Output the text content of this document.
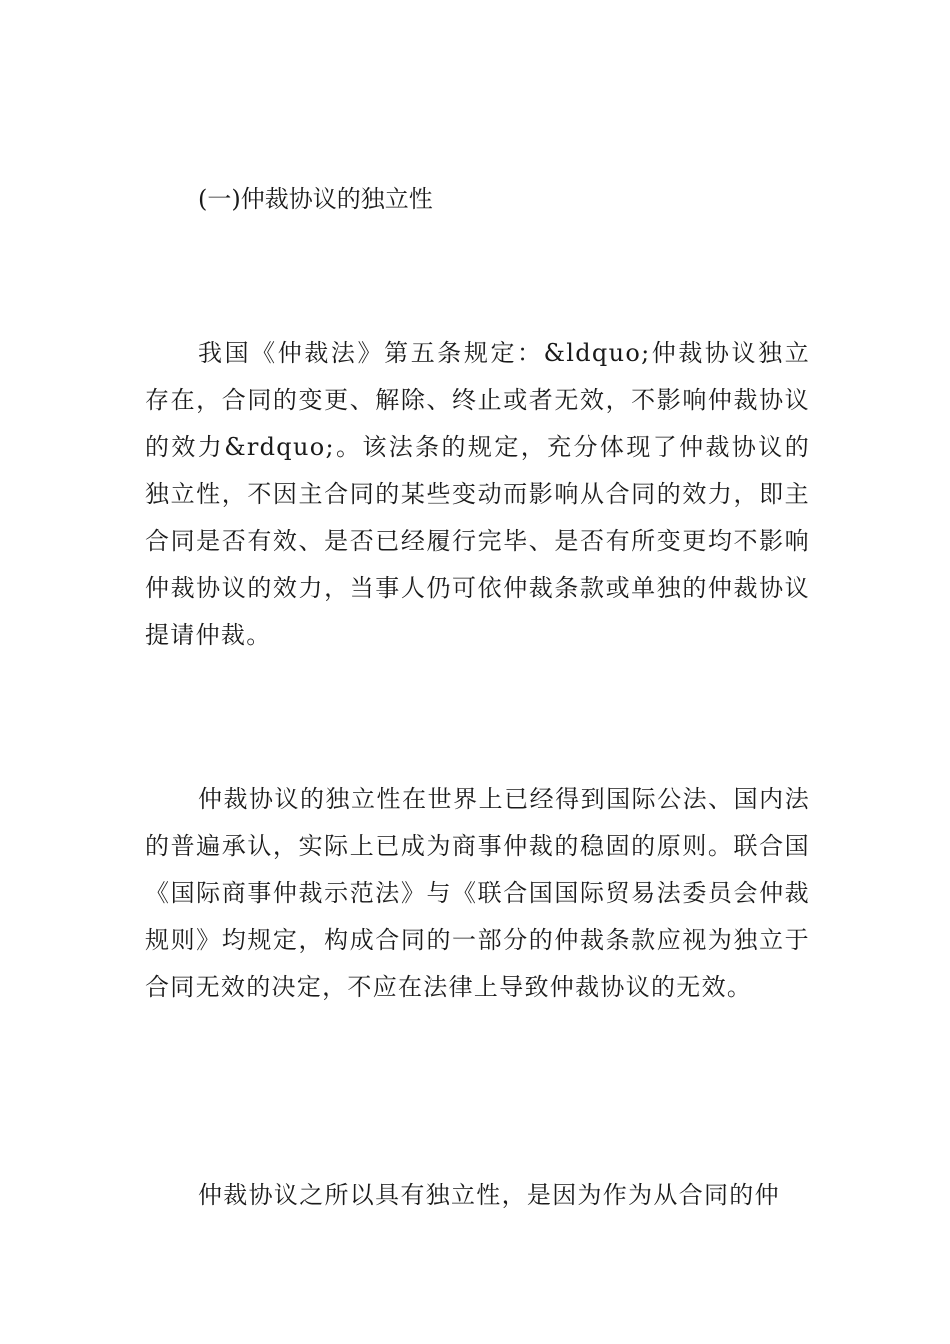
(一)仲裁协议的独立性

我国《仲裁法》第五条规定：&ldquo;仲裁协议独立存在，合同的变更、解除、终止或者无效，不影响仲裁协议的效力&rdquo;。该法条的规定，充分体现了仲裁协议的独立性，不因主合同的某些变动而影响从合同的效力，即主合同是否有效、是否已经履行完毕、是否有所变更均不影响仲裁协议的效力，当事人仍可依仲裁条款或单独的仲裁协议提请仲裁。

仲裁协议的独立性在世界上已经得到国际公法、国内法的普遍承认，实际上已成为商事仲裁的稳固的原则。联合国《国际商事仲裁示范法》与《联合国国际贸易法委员会仲裁规则》均规定，构成合同的一部分的仲裁条款应视为独立于合同无效的决定，不应在法律上导致仲裁协议的无效。

仲裁协议之所以具有独立性，是因为作为从合同的仲
